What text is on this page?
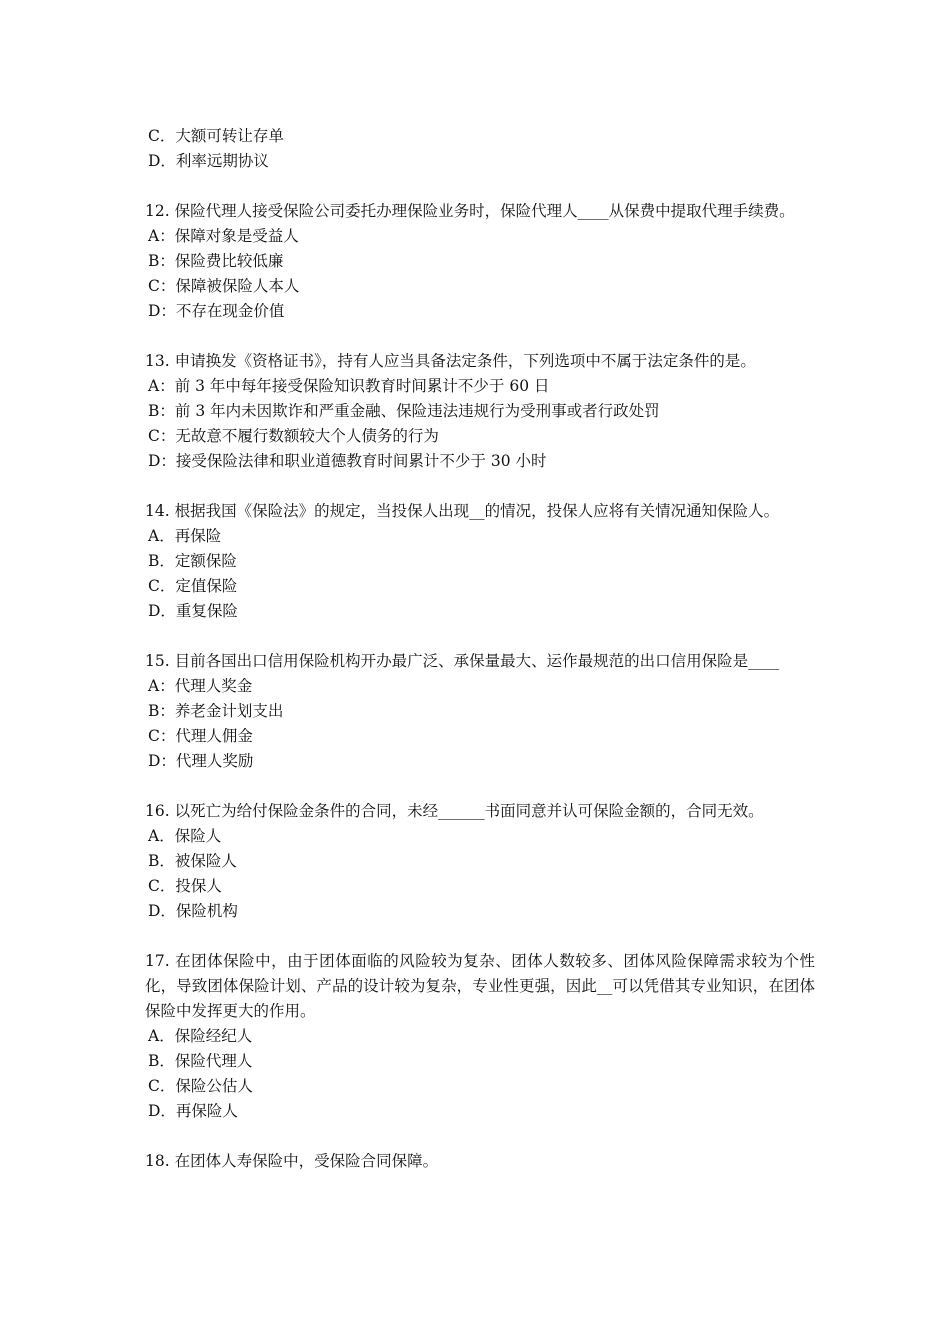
C．大额可转让存单

D．利率远期协议

12. 保险代理人接受保险公司委托办理保险业务时，保险代理人____从保费中提取代理手续费。

A：保障对象是受益人

B：保险费比较低廉

C：保障被保险人本人

D：不存在现金价值

13. 申请换发《资格证书》，持有人应当具备法定条件，下列选项中不属于法定条件的是。

A：前 3 年中每年接受保险知识教育时间累计不少于 60 日

B：前 3 年内未因欺诈和严重金融、保险违法违规行为受刑事或者行政处罚

C：无故意不履行数额较大个人债务的行为

D：接受保险法律和职业道德教育时间累计不少于 30 小时

14. 根据我国《保险法》的规定，当投保人出现__的情况，投保人应将有关情况通知保险人。

A．再保险

B．定额保险

C．定值保险

D．重复保险

15. 目前各国出口信用保险机构开办最广泛、承保量最大、运作最规范的出口信用保险是____

A：代理人奖金

B：养老金计划支出

C：代理人佣金

D：代理人奖励

16. 以死亡为给付保险金条件的合同，未经______书面同意并认可保险金额的，合同无效。

A．保险人

B．被保险人

C．投保人

D．保险机构

17. 在团体保险中，由于团体面临的风险较为复杂、团体人数较多、团体风险保障需求较为个性化，导致团体保险计划、产品的设计较为复杂，专业性更强，因此__可以凭借其专业知识，在团体保险中发挥更大的作用。

A．保险经纪人

B．保险代理人

C．保险公估人

D．再保险人

18. 在团体人寿保险中，受保险合同保障。
